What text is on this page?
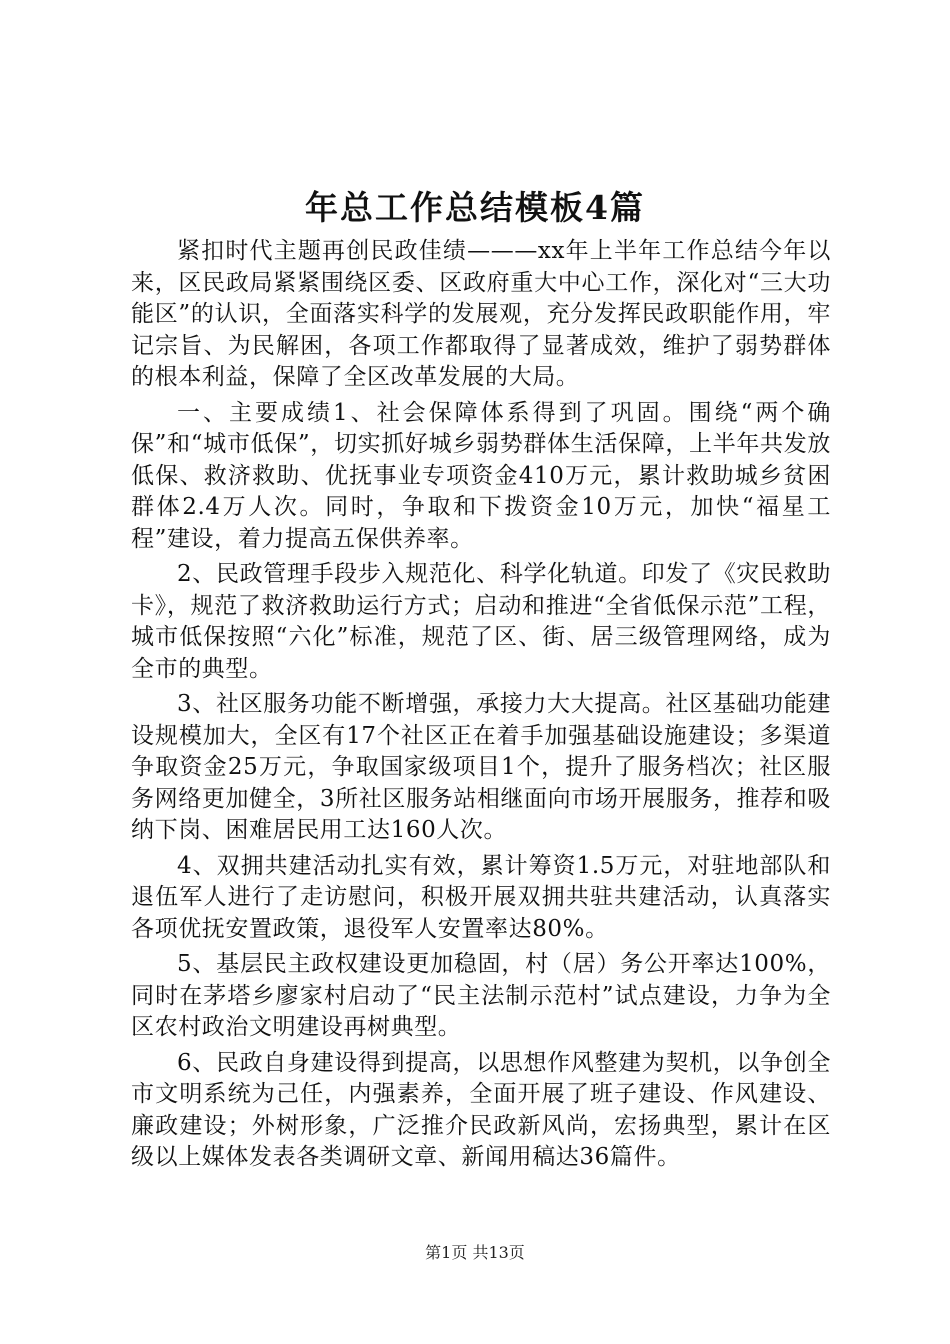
年总工作总结模板4篇

紧扣时代主题再创民政佳绩———xx年上半年工作总结今年以来，区民政局紧紧围绕区委、区政府重大中心工作，深化对“三大功能区”的认识，全面落实科学的发展观，充分发挥民政职能作用，牢记宗旨、为民解困，各项工作都取得了显著成效，维护了弱势群体的根本利益，保障了全区改革发展的大局。

一、主要成绩1、社会保障体系得到了巩固。围绕“两个确保”和“城市低保”，切实抓好城乡弱势群体生活保障，上半年共发放低保、救济救助、优抚事业专项资金410万元，累计救助城乡贫困群体2.4万人次。同时，争取和下拨资金10万元，加快“福星工程”建设，着力提高五保供养率。

2、民政管理手段步入规范化、科学化轨道。印发了《灾民救助卡》，规范了救济救助运行方式；启动和推进“全省低保示范”工程，城市低保按照“六化”标准，规范了区、街、居三级管理网络，成为全市的典型。

3、社区服务功能不断增强，承接力大大提高。社区基础功能建设规模加大，全区有17个社区正在着手加强基础设施建设；多渠道争取资金25万元，争取国家级项目1个，提升了服务档次；社区服务网络更加健全，3所社区服务站相继面向市场开展服务，推荐和吸纳下岗、困难居民用工达160人次。

4、双拥共建活动扎实有效，累计筹资1.5万元，对驻地部队和退伍军人进行了走访慰问，积极开展双拥共驻共建活动，认真落实各项优抚安置政策，退役军人安置率达80%。

5、基层民主政权建设更加稳固，村（居）务公开率达100%，同时在茅塔乡廖家村启动了“民主法制示范村”试点建设，力争为全区农村政治文明建设再树典型。

6、民政自身建设得到提高，以思想作风整建为契机，以争创全市文明系统为己任，内强素养，全面开展了班子建设、作风建设、廉政建设；外树形象，广泛推介民政新风尚，宏扬典型，累计在区级以上媒体发表各类调研文章、新闻用稿达36篇件。

第1页 共13页
